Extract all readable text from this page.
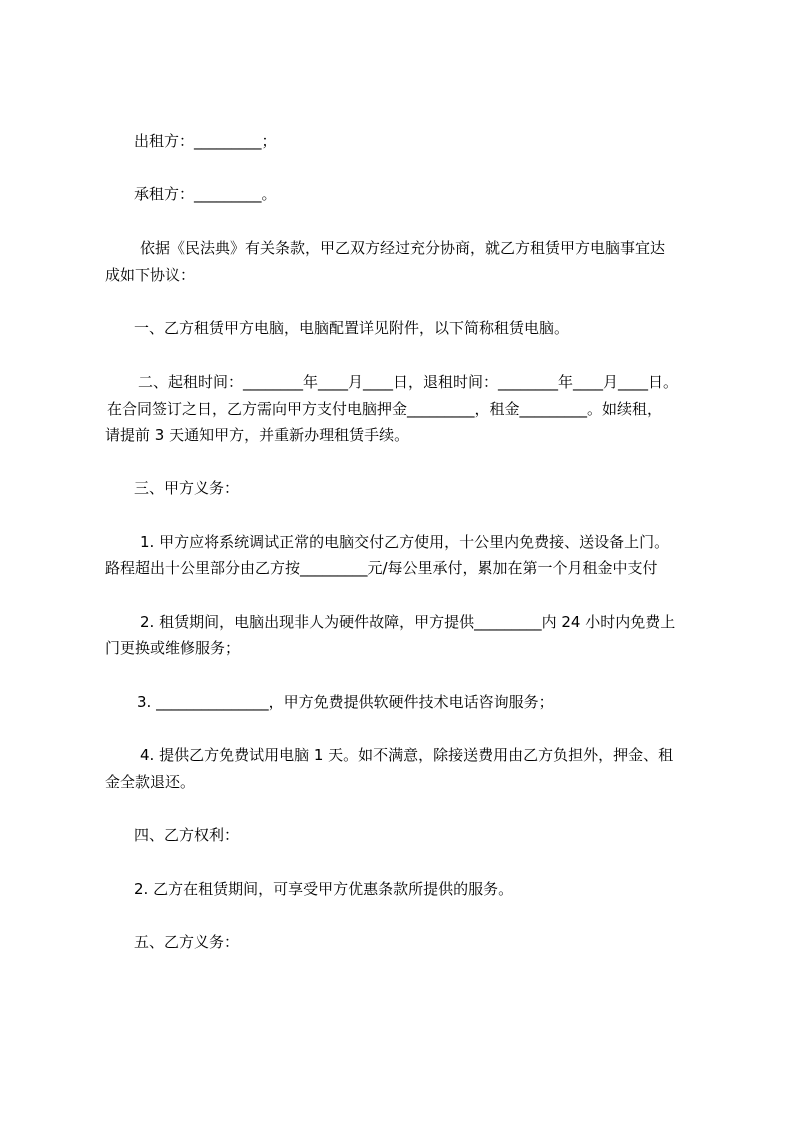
出租方：_________；
承租方：_________。
依据《民法典》有关条款，甲乙双方经过充分协商，就乙方租赁甲方电脑事宜达
成如下协议：
一、乙方租赁甲方电脑，电脑配置详见附件，以下简称租赁电脑。
二、起租时间：________年____月____日，退租时间：________年____月____日。
在合同签订之日，乙方需向甲方支付电脑押金_________，租金_________。如续租，
请提前 3 天通知甲方，并重新办理租赁手续。
三、甲方义务：
1. 甲方应将系统调试正常的电脑交付乙方使用，十公里内免费接、送设备上门。
路程超出十公里部分由乙方按_________元/每公里承付，累加在第一个月租金中支付
2. 租赁期间，电脑出现非人为硬件故障，甲方提供_________内 24 小时内免费上
门更换或维修服务；
3. _______________，甲方免费提供软硬件技术电话咨询服务；
4. 提供乙方免费试用电脑 1 天。如不满意，除接送费用由乙方负担外，押金、租
金全款退还。
四、乙方权利：
2. 乙方在租赁期间，可享受甲方优惠条款所提供的服务。
五、乙方义务：
